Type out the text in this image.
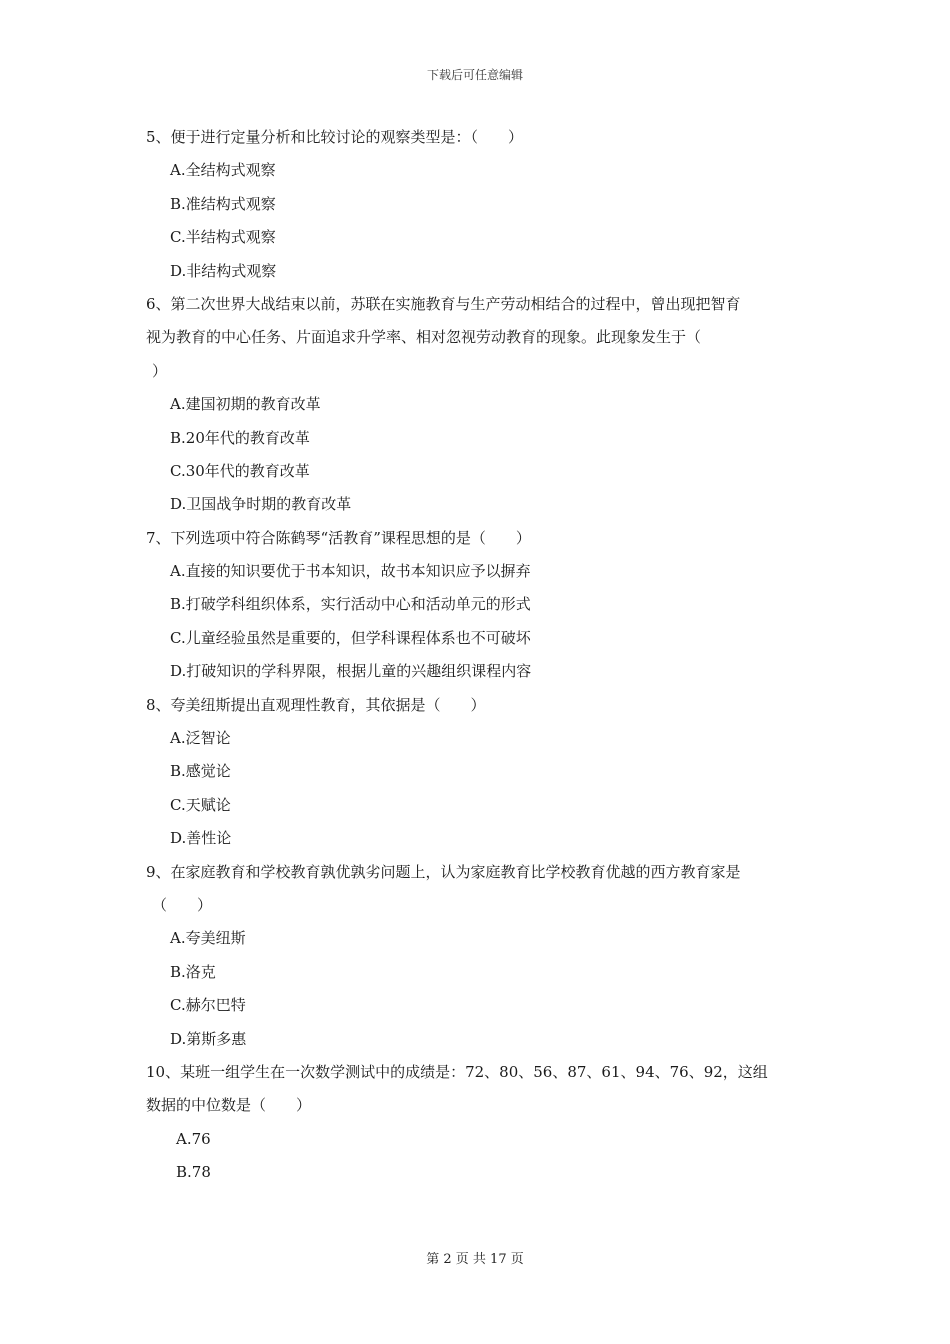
下载后可任意编辑
5、便于进行定量分析和比较讨论的观察类型是：（　　）
A.全结构式观察
B.准结构式观察
C.半结构式观察
D.非结构式观察
6、第二次世界大战结束以前，苏联在实施教育与生产劳动相结合的过程中，曾出现把智育
视为教育的中心任务、片面追求升学率、相对忽视劳动教育的现象。此现象发生于（
）
A.建国初期的教育改革
B.20年代的教育改革
C.30年代的教育改革
D.卫国战争时期的教育改革
7、下列选项中符合陈鹤琴“活教育”课程思想的是（　　）
A.直接的知识要优于书本知识，故书本知识应予以摒弃
B.打破学科组织体系，实行活动中心和活动单元的形式
C.儿童经验虽然是重要的，但学科课程体系也不可破坏
D.打破知识的学科界限，根据儿童的兴趣组织课程内容
8、夸美纽斯提出直观理性教育，其依据是（　　）
A.泛智论
B.感觉论
C.天赋论
D.善性论
9、在家庭教育和学校教育孰优孰劣问题上，认为家庭教育比学校教育优越的西方教育家是
（　　）
A.夸美纽斯
B.洛克
C.赫尔巴特
D.第斯多惠
10、某班一组学生在一次数学测试中的成绩是：72、80、56、87、61、94、76、92，这组
数据的中位数是（　　）
A.76
B.78
第 2 页 共 17 页
